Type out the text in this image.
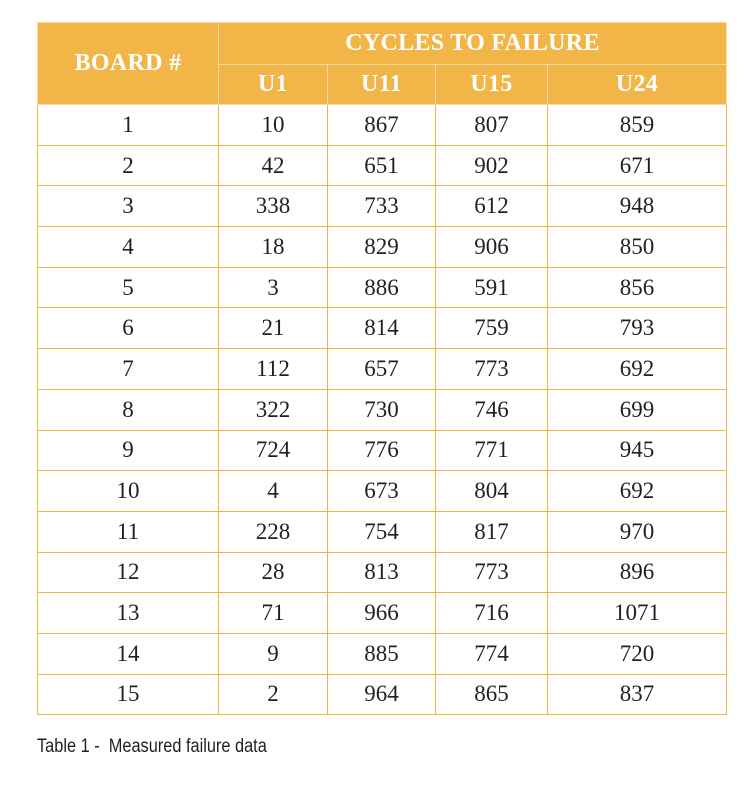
BOARD #	CYCLES TO FAILURE			
	U1	U11	U15	U24
1	10	867	807	859
2	42	651	902	671
3	338	733	612	948
4	18	829	906	850
5	3	886	591	856
6	21	814	759	793
7	112	657	773	692
8	322	730	746	699
9	724	776	771	945
10	4	673	804	692
11	228	754	817	970
12	28	813	773	896
13	71	966	716	1071
14	9	885	774	720
15	2	964	865	837
Table 1 -  Measured failure data
